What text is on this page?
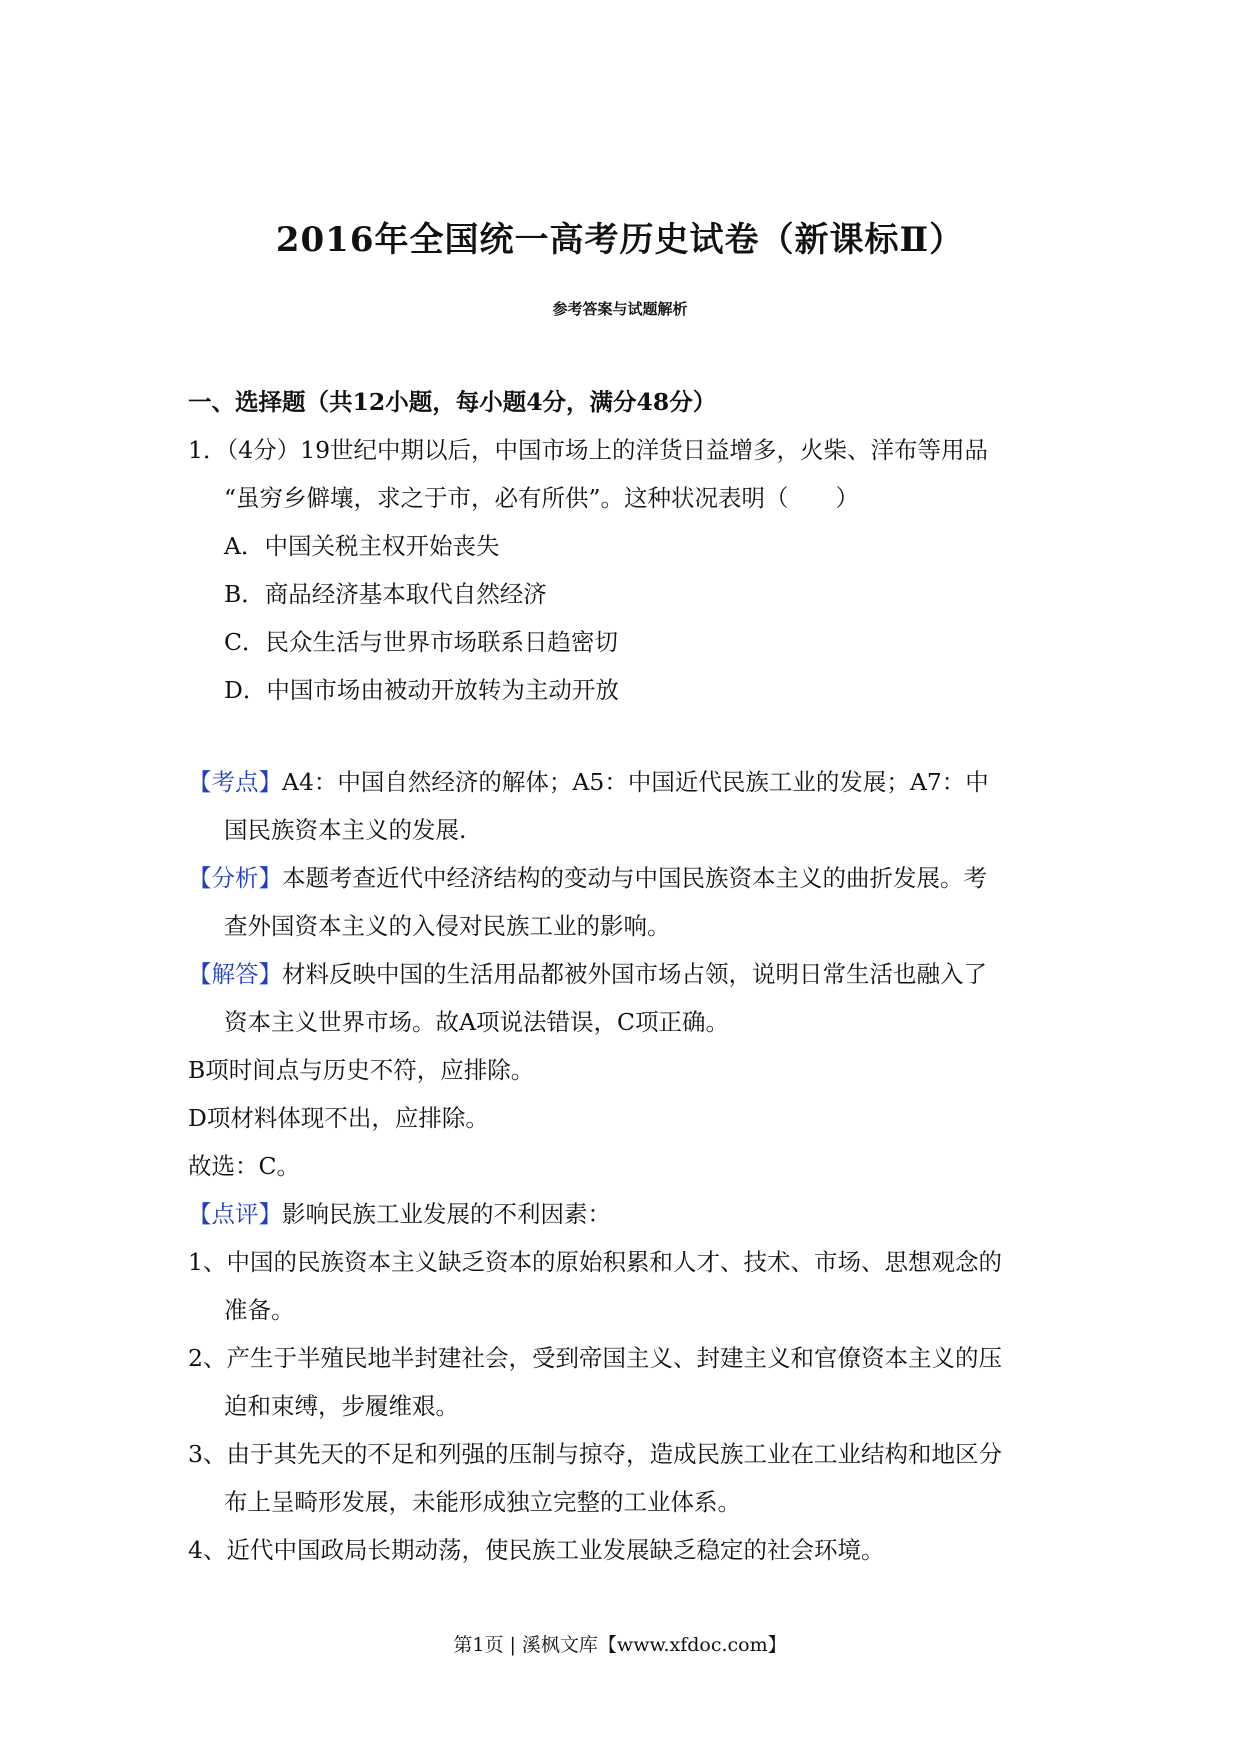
2016年全国统一高考历史试卷（新课标Ⅱ）
参考答案与试题解析
一、选择题（共12小题，每小题4分，满分48分）
1．（4分）19世纪中期以后，中国市场上的洋货日益增多，火柴、洋布等用品
“虽穷乡僻壤，求之于市，必有所供”。这种状况表明（　　）
A．中国关税主权开始丧失
B．商品经济基本取代自然经济
C．民众生活与世界市场联系日趋密切
D．中国市场由被动开放转为主动开放
【考点】A4：中国自然经济的解体；A5：中国近代民族工业的发展；A7：中
国民族资本主义的发展.
【分析】本题考查近代中经济结构的变动与中国民族资本主义的曲折发展。考
查外国资本主义的入侵对民族工业的影响。
【解答】材料反映中国的生活用品都被外国市场占领，说明日常生活也融入了
资本主义世界市场。故A项说法错误，C项正确。
B项时间点与历史不符，应排除。
D项材料体现不出，应排除。
故选：C。
【点评】影响民族工业发展的不利因素：
1、中国的民族资本主义缺乏资本的原始积累和人才、技术、市场、思想观念的
准备。
2、产生于半殖民地半封建社会，受到帝国主义、封建主义和官僚资本主义的压
迫和束缚，步履维艰。
3、由于其先天的不足和列强的压制与掠夺，造成民族工业在工业结构和地区分
布上呈畸形发展，未能形成独立完整的工业体系。
4、近代中国政局长期动荡，使民族工业发展缺乏稳定的社会环境。
第1页 | 溪枫文库【www.xfdoc.com】
